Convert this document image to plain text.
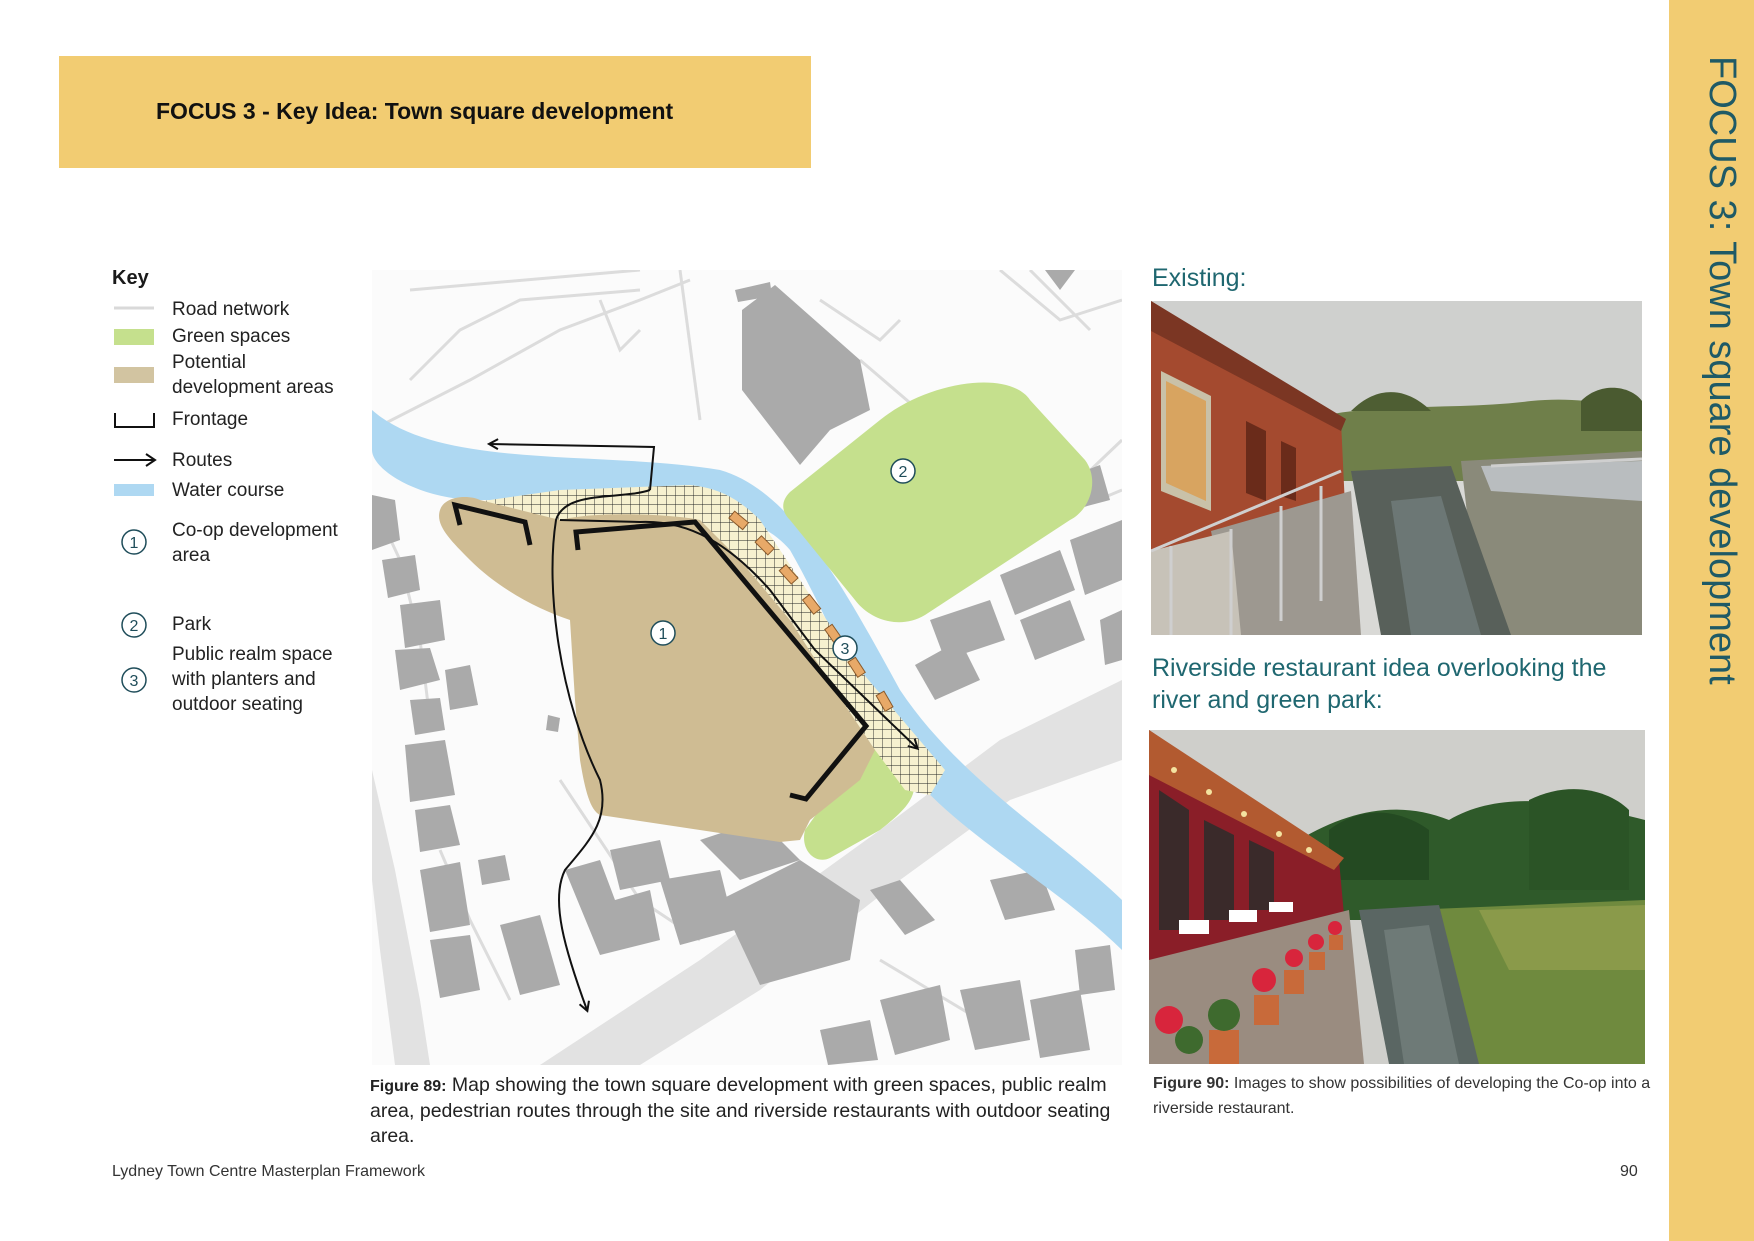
FOCUS 3 - Key Idea: Town square development	FOCUS 3: Town square development
Key
Road network
Green spaces
Potential
development areas
Frontage
Routes
Water course
1
Co-op development
area
2 Park
3
Public realm space
with planters and
outdoor seating
1
2
3
Figure 89: Map showing the town square development with green spaces, public realm area, pedestrian routes through the site and riverside restaurants with outdoor seating area.
Existing:
Riverside restaurant idea overlooking the river and green park:
Figure 90: Images to show possibilities of developing the Co-op into a riverside restaurant.
Lydney Town Centre Masterplan Framework	90
